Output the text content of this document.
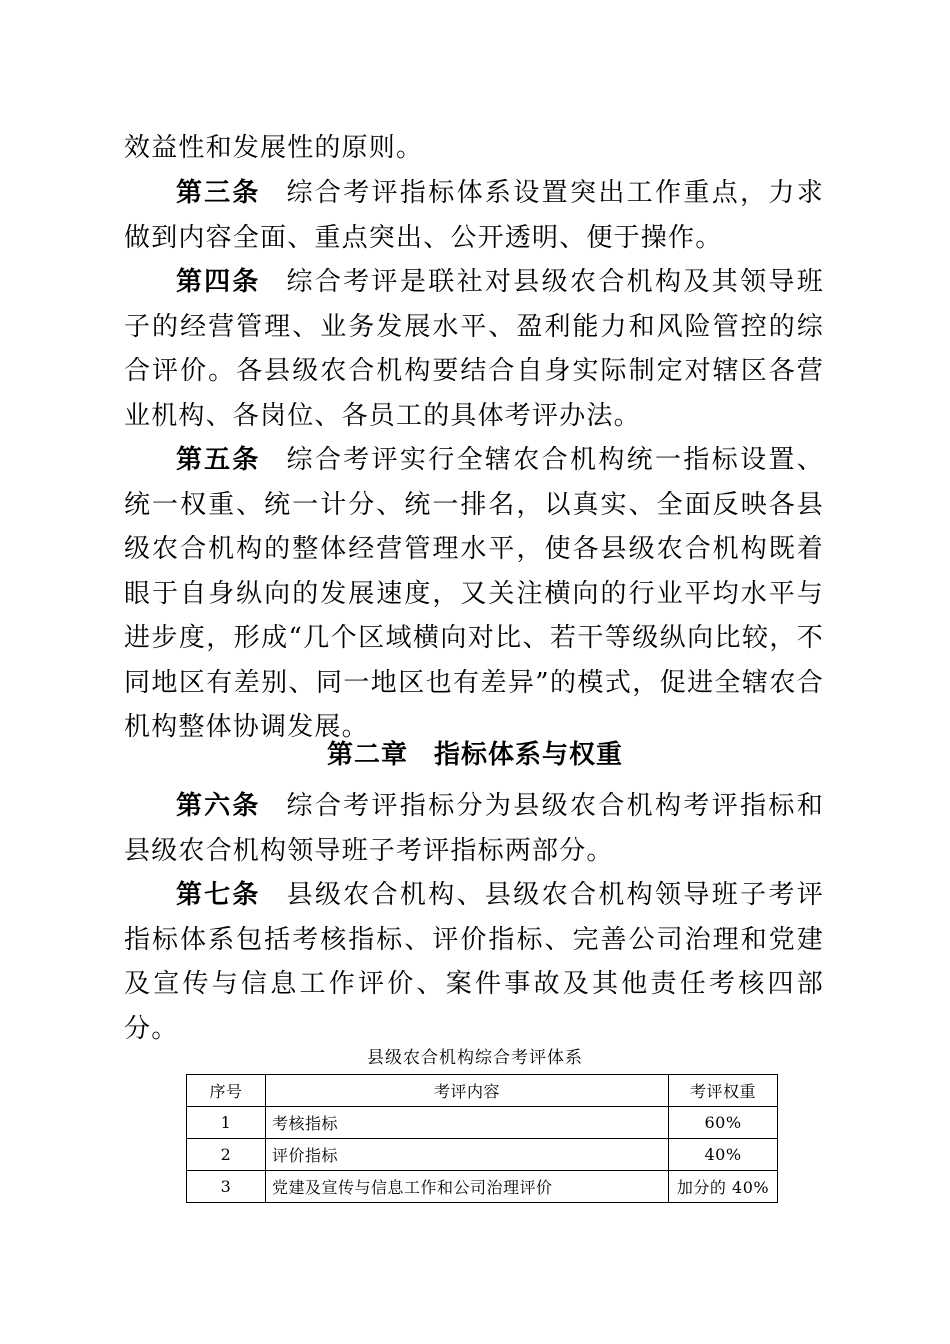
效益性和发展性的原则。

第三条 综合考评指标体系设置突出工作重点，力求做到内容全面、重点突出、公开透明、便于操作。

第四条 综合考评是联社对县级农合机构及其领导班子的经营管理、业务发展水平、盈利能力和风险管控的综合评价。各县级农合机构要结合自身实际制定对辖区各营业机构、各岗位、各员工的具体考评办法。

第五条 综合考评实行全辖农合机构统一指标设置、统一权重、统一计分、统一排名，以真实、全面反映各县级农合机构的整体经营管理水平，使各县级农合机构既着眼于自身纵向的发展速度，又关注横向的行业平均水平与进步度，形成“几个区域横向对比、若干等级纵向比较，不同地区有差别、同一地区也有差异”的模式，促进全辖农合机构整体协调发展。

第二章 指标体系与权重

第六条 综合考评指标分为县级农合机构考评指标和县级农合机构领导班子考评指标两部分。

第七条 县级农合机构、县级农合机构领导班子考评指标体系包括考核指标、评价指标、完善公司治理和党建及宣传与信息工作评价、案件事故及其他责任考核四部分。

县级农合机构综合考评体系

序号	考评内容	考评权重
1	考核指标	60%
2	评价指标	40%
3	党建及宣传与信息工作和公司治理评价	加分的 40%
